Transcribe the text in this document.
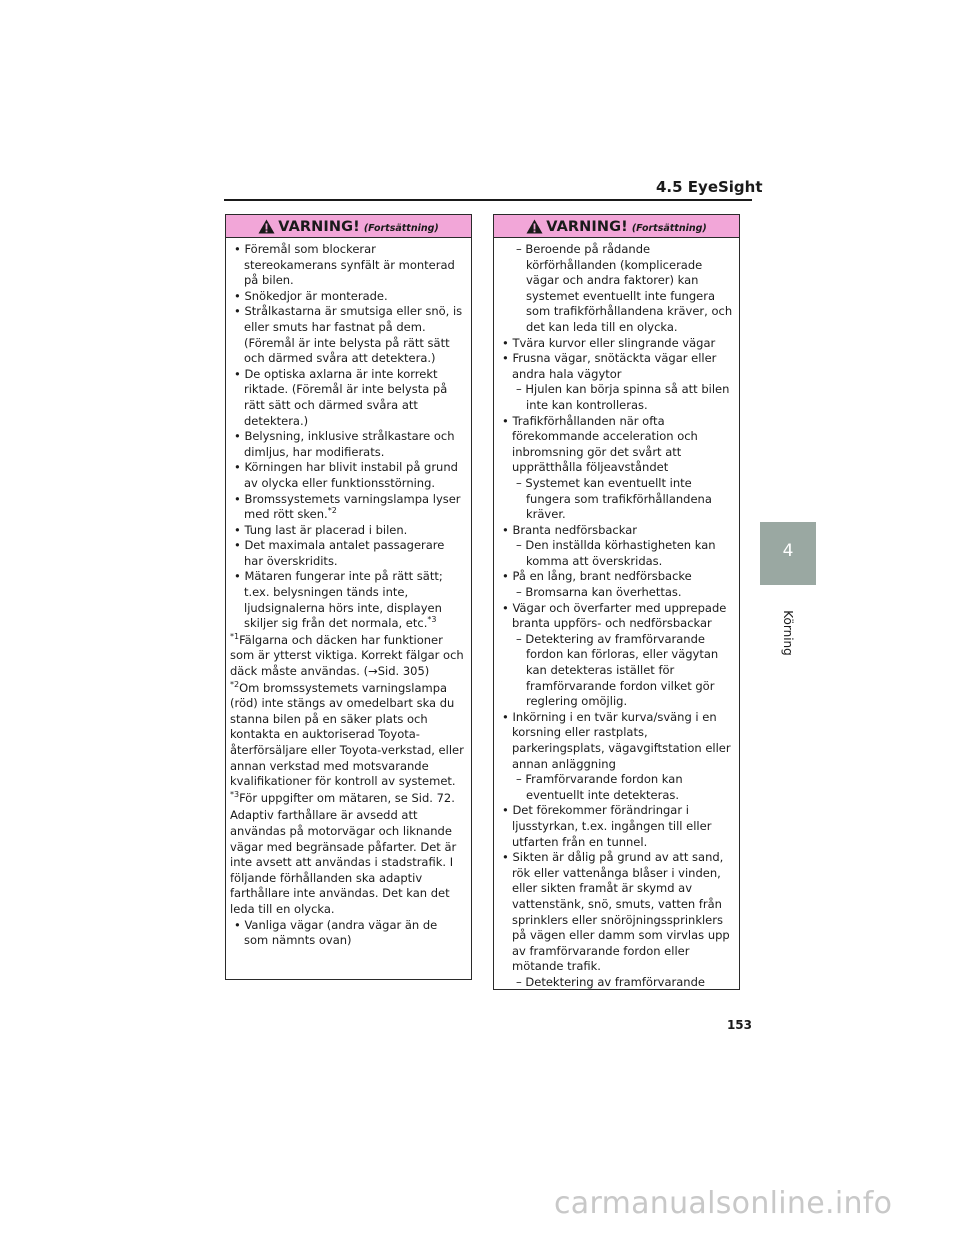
4.5 EyeSight
VARNING! (Fortsättning)
• Föremål som blockerar stereokamerans synfält är monterad på bilen.
• Snökedjor är monterade.
• Strålkastarna är smutsiga eller snö, is eller smuts har fastnat på dem. (Föremål är inte belysta på rätt sätt och därmed svåra att detektera.)
• De optiska axlarna är inte korrekt riktade. (Föremål är inte belysta på rätt sätt och därmed svåra att detektera.)
• Belysning, inklusive strålkastare och dimljus, har modifierats.
• Körningen har blivit instabil på grund av olycka eller funktionsstörning.
• Bromssystemets varningslampa lyser med rött sken.$^{*2}$
• Tung last är placerad i bilen.
• Det maximala antalet passagerare har överskridits.
• Mätaren fungerar inte på rätt sätt; t.ex. belysningen tänds inte, ljudsignalerna hörs inte, displayen skiljer sig från det normala, etc.$^{*3}$
$^{*1}$Fälgarna och däcken har funktioner som är ytterst viktiga. Korrekt fälgar och däck måste användas. (→Sid. 305)
$^{*2}$Om bromssystemets varningslampa (röd) inte stängs av omedelbart ska du stanna bilen på en säker plats och kontakta en auktoriserad Toyota-återförsäljare eller Toyota-verkstad, eller annan verkstad med motsvarande kvalifikationer för kontroll av systemet.
$^{*3}$För uppgifter om mätaren, se Sid. 72.
Adaptiv farthållare är avsedd att användas på motorvägar och liknande vägar med begränsade påfarter. Det är inte avsett att användas i stadstrafik. I följande förhållanden ska adaptiv farthållare inte användas. Det kan det leda till en olycka.
• Vanliga vägar (andra vägar än de som nämnts ovan)
VARNING! (Fortsättning)
– Beroende på rådande körförhållanden (komplicerade vägar och andra faktorer) kan systemet eventuellt inte fungera som trafikförhållandena kräver, och det kan leda till en olycka.
• Tvära kurvor eller slingrande vägar
• Frusna vägar, snötäckta vägar eller andra hala vägytor
– Hjulen kan börja spinna så att bilen inte kan kontrolleras.
• Trafikförhållanden när ofta förekommande acceleration och inbromsning gör det svårt att upprätthålla följeavståndet
– Systemet kan eventuellt inte fungera som trafikförhållandena kräver.
• Branta nedförsbackar
– Den inställda körhastigheten kan komma att överskridas.
• På en lång, brant nedförsbacke
– Bromsarna kan överhettas.
• Vägar och överfarter med upprepade branta uppförs- och nedförsbackar
– Detektering av framförvarande fordon kan förloras, eller vägytan kan detekteras istället för framförvarande fordon vilket gör reglering omöjlig.
• Inkörning i en tvär kurva/sväng i en korsning eller rastplats, parkeringsplats, vägavgiftstation eller annan anläggning
– Framförvarande fordon kan eventuellt inte detekteras.
• Det förekommer förändringar i ljusstyrkan, t.ex. ingången till eller utfarten från en tunnel.
• Sikten är dålig på grund av att sand, rök eller vattenånga blåser i vinden, eller sikten framåt är skymd av vattenstänk, snö, smuts, vatten från sprinklers eller snöröjningssprinklers på vägen eller damm som virvlas upp av framförvarande fordon eller mötande trafik.
– Detektering av framförvarande
4
Körning
153
carmanualsonline.info
